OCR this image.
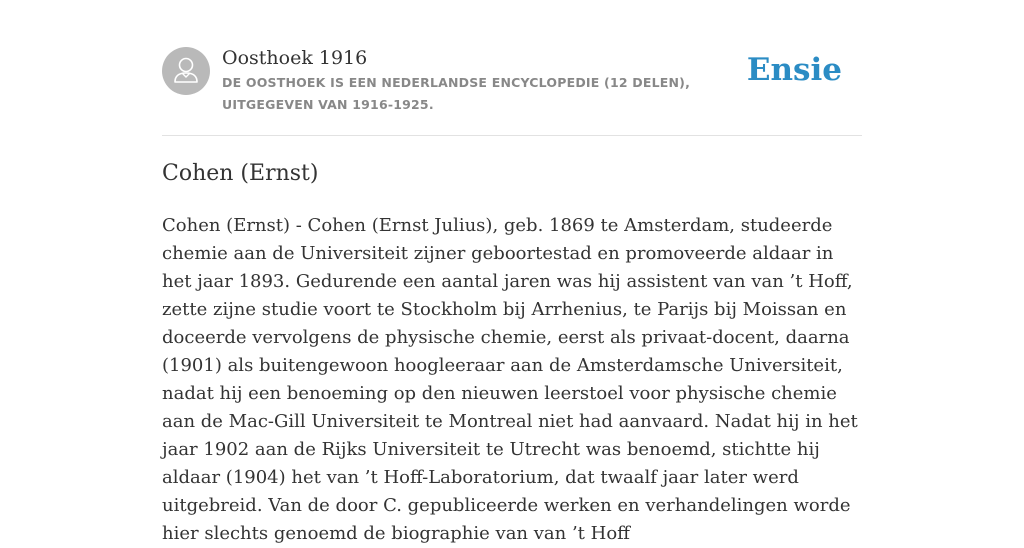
Oosthoek 1916
DE OOSTHOEK IS EEN NEDERLANDSE ENCYCLOPEDIE (12 DELEN), UITGEGEVEN VAN 1916-1925.
Ensie
Cohen (Ernst)

Cohen (Ernst) - Cohen (Ernst Julius), geb. 1869 te Amsterdam, studeerde chemie aan de Universiteit zijner geboortestad en promoveerde aldaar in het jaar 1893. Gedurende een aantal jaren was hij assistent van van ’t Hoff, zette zijne studie voort te Stockholm bij Arrhenius, te Parijs bij Moissan en doceerde vervolgens de physische chemie, eerst als privaat-docent, daarna (1901) als buitengewoon hoogleeraar aan de Amsterdamsche Universiteit, nadat hij een benoeming op den nieuwen leerstoel voor physische chemie aan de Mac-Gill Universiteit te Montreal niet had aanvaard. Nadat hij in het jaar 1902 aan de Rijks Universiteit te Utrecht was benoemd, stichtte hij aldaar (1904) het van ’t Hoff-Laboratorium, dat twaalf jaar later werd uitgebreid. Van de door C. gepubliceerde werken en verhandelingen worde hier slechts genoemd de biographie van van ’t Hoff
